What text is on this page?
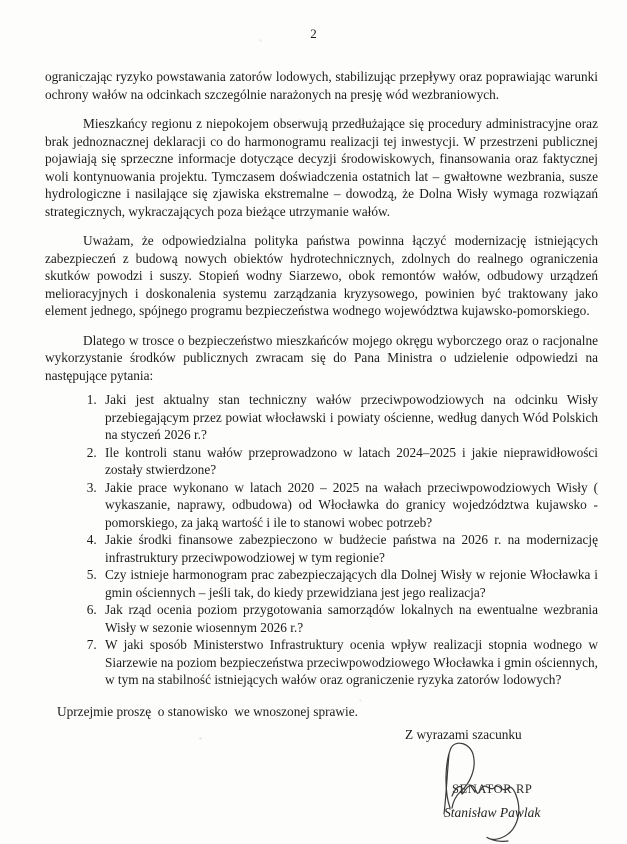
2

ograniczając ryzyko powstawania zatorów lodowych, stabilizując przepływy oraz poprawiając warunki ochrony wałów na odcinkach szczególnie narażonych na presję wód wezbraniowych.

Mieszkańcy regionu z niepokojem obserwują przedłużające się procedury administracyjne oraz brak jednoznacznej deklaracji co do harmonogramu realizacji tej inwestycji. W przestrzeni publicznej pojawiają się sprzeczne informacje dotyczące decyzji środowiskowych, finansowania oraz faktycznej woli kontynuowania projektu. Tymczasem doświadczenia ostatnich lat – gwałtowne wezbrania, susze hydrologiczne i nasilające się zjawiska ekstremalne – dowodzą, że Dolna Wisły wymaga rozwiązań strategicznych, wykraczających poza bieżące utrzymanie wałów.

Uważam, że odpowiedzialna polityka państwa powinna łączyć modernizację istniejących zabezpieczeń z budową nowych obiektów hydrotechnicznych, zdolnych do realnego ograniczenia skutków powodzi i suszy. Stopień wodny Siarzewo, obok remontów wałów, odbudowy urządzeń melioracyjnych i doskonalenia systemu zarządzania kryzysowego, powinien być traktowany jako element jednego, spójnego programu bezpieczeństwa wodnego województwa kujawsko-pomorskiego.

Dlatego w trosce o bezpieczeństwo mieszkańców mojego okręgu wyborczego oraz o racjonalne wykorzystanie środków publicznych zwracam się do Pana Ministra o udzielenie odpowiedzi na następujące pytania:

1. Jaki jest aktualny stan techniczny wałów przeciwpowodziowych na odcinku Wisły przebiegającym przez powiat włocławski i powiaty ościenne, według danych Wód Polskich na styczeń 2026 r.?
2. Ile kontroli stanu wałów przeprowadzono w latach 2024–2025 i jakie nieprawidłowości zostały stwierdzone?
3. Jakie prace wykonano w latach 2020 – 2025 na wałach przeciwpowodziowych Wisły ( wykaszanie, naprawy, odbudowa) od Włocławka do granicy wojedzództwa kujawsko - pomorskiego, za jaką wartość i ile to stanowi wobec potrzeb?
4. Jakie środki finansowe zabezpieczono w budżecie państwa na 2026 r. na modernizację infrastruktury przeciwpowodziowej w tym regionie?
5. Czy istnieje harmonogram prac zabezpieczających dla Dolnej Wisły w rejonie Włocławka i gmin ościennych – jeśli tak, do kiedy przewidziana jest jego realizacja?
6. Jak rząd ocenia poziom przygotowania samorządów lokalnych na ewentualne wezbrania Wisły w sezonie wiosennym 2026 r.?
7. W jaki sposób Ministerstwo Infrastruktury ocenia wpływ realizacji stopnia wodnego w Siarzewie na poziom bezpieczeństwa przeciwpowodziowego Włocławka i gmin ościennych, w tym na stabilność istniejących wałów oraz ograniczenie ryzyka zatorów lodowych?
Uprzejmie proszę  o stanowisko  we wnoszonej sprawie.
Z wyrazami szacunku
SENATOR RP
Stanisław Pawlak
